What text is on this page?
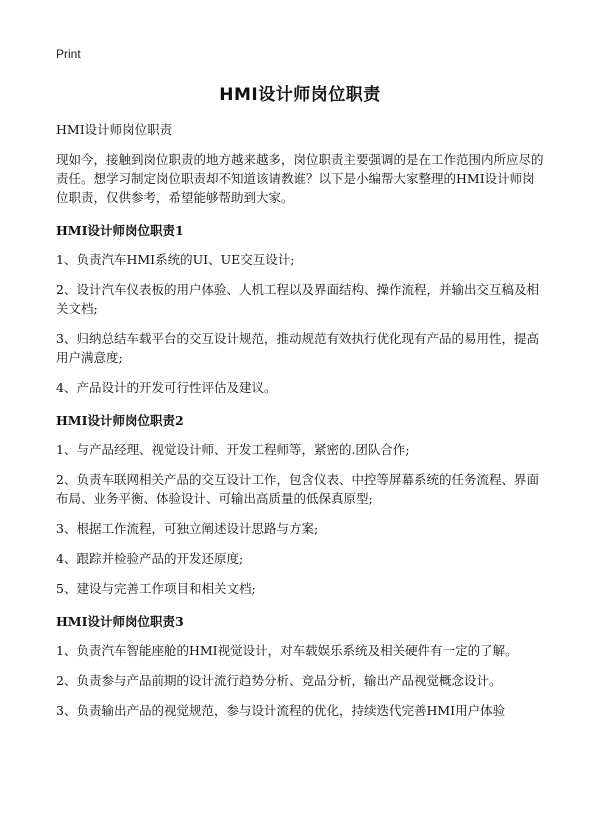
Print
HMI设计师岗位职责

HMI设计师岗位职责

现如今，接触到岗位职责的地方越来越多，岗位职责主要强调的是在工作范围内所应尽的责任。想学习制定岗位职责却不知道该请教谁？以下是小编帮大家整理的HMI设计师岗位职责，仅供参考，希望能够帮助到大家。

HMI设计师岗位职责1

1、负责汽车HMI系统的UI、UE交互设计;

2、设计汽车仪表板的用户体验、人机工程以及界面结构、操作流程，并输出交互稿及相关文档;

3、归纳总结车载平台的交互设计规范，推动规范有效执行优化现有产品的易用性，提高用户满意度;

4、产品设计的开发可行性评估及建议。

HMI设计师岗位职责2

1、与产品经理、视觉设计师、开发工程师等，紧密的.团队合作;

2、负责车联网相关产品的交互设计工作，包含仪表、中控等屏幕系统的任务流程、界面布局、业务平衡、体验设计、可输出高质量的低保真原型;

3、根据工作流程，可独立阐述设计思路与方案;

4、跟踪并检验产品的开发还原度;

5、建设与完善工作项目和相关文档;

HMI设计师岗位职责3

1、负责汽车智能座舱的HMI视觉设计，对车载娱乐系统及相关硬件有一定的了解。

2、负责参与产品前期的设计流行趋势分析、竞品分析，输出产品视觉概念设计。

3、负责输出产品的视觉规范，参与设计流程的优化，持续迭代完善HMI用户体验
